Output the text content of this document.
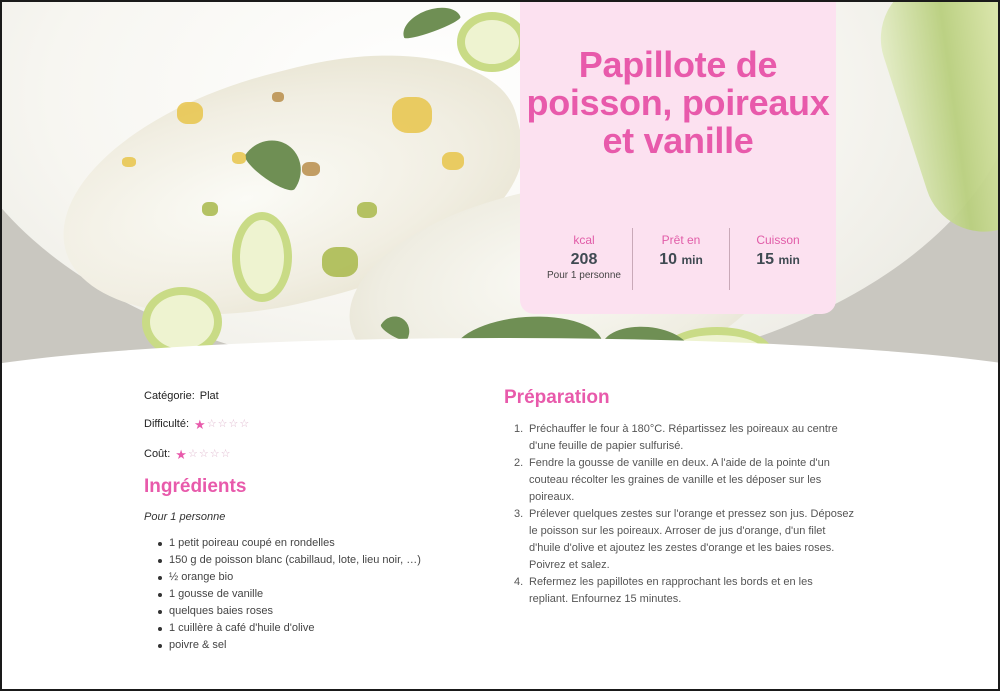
Papillote de poisson, poireaux et vanille
kcal
208
Pour 1 personne
Prêt en
10 min
Cuisson
15 min
Catégorie: Plat
Difficulté: ★ ☆ ☆ ☆ ☆
Coût: ★ ☆ ☆ ☆ ☆
Ingrédients

Pour 1 personne

1 petit poireau coupé en rondelles
150 g de poisson blanc (cabillaud, lote, lieu noir, …)
½ orange bio
1 gousse de vanille
quelques baies roses
1 cuillère à café d'huile d'olive
poivre & sel
Préparation
1. Préchauffer le four à 180°C. Répartissez les poireaux au centre d'une feuille de papier sulfurisé.
2. Fendre la gousse de vanille en deux. A l'aide de la pointe d'un couteau récolter les graines de vanille et les déposer sur les poireaux.
3. Prélever quelques zestes sur l'orange et pressez son jus. Déposez le poisson sur les poireaux. Arroser de jus d'orange, d'un filet d'huile d'olive et ajoutez les zestes d'orange et les baies roses. Poivrez et salez.
4. Refermez les papillotes en rapprochant les bords et en les repliant. Enfournez 15 minutes.
